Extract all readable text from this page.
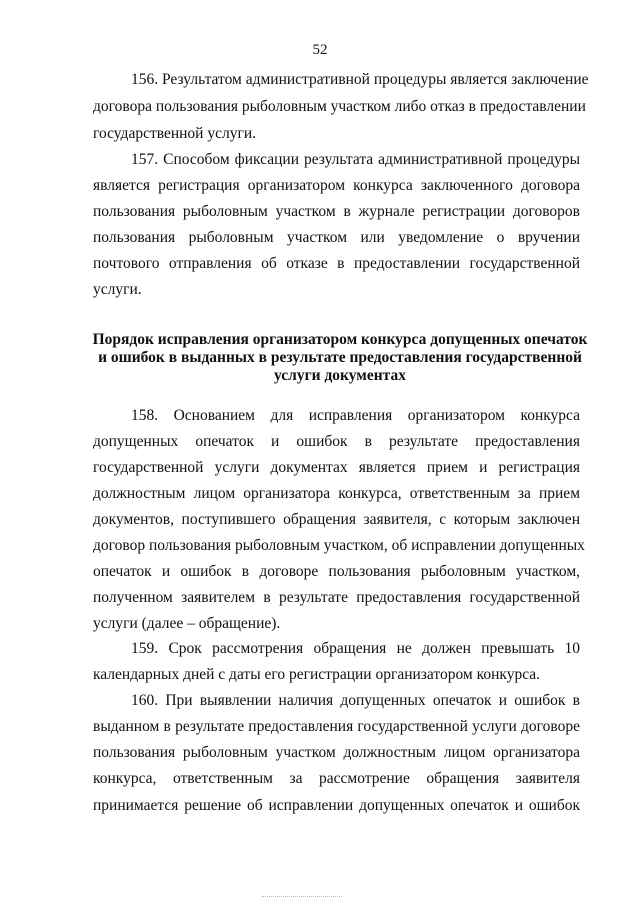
52
156. Результатом административной процедуры является заключение
договора пользования рыболовным участком либо отказ в предоставлении
государственной услуги.
157. Способом фиксации результата административной процедуры
является регистрация организатором конкурса заключенного договора
пользования рыболовным участком в журнале регистрации договоров
пользования рыболовным участком или уведомление о вручении
почтового отправления об отказе в предоставлении государственной
услуги.
Порядок исправления организатором конкурса допущенных опечаток
и ошибок в выданных в результате предоставления государственной
услуги документах
158. Основанием для исправления организатором конкурса
допущенных опечаток и ошибок в результате предоставления
государственной услуги документах является прием и регистрация
должностным лицом организатора конкурса, ответственным за прием
документов, поступившего обращения заявителя, с которым заключен
договор пользования рыболовным участком, об исправлении допущенных
опечаток и ошибок в договоре пользования рыболовным участком,
полученном заявителем в результате предоставления государственной
услуги (далее – обращение).
159. Срок рассмотрения обращения не должен превышать 10
календарных дней с даты его регистрации организатором конкурса.
160. При выявлении наличия допущенных опечаток и ошибок в
выданном в результате предоставления государственной услуги договоре
пользования рыболовным участком должностным лицом организатора
конкурса, ответственным за рассмотрение обращения заявителя
принимается решение об исправлении допущенных опечаток и ошибок
